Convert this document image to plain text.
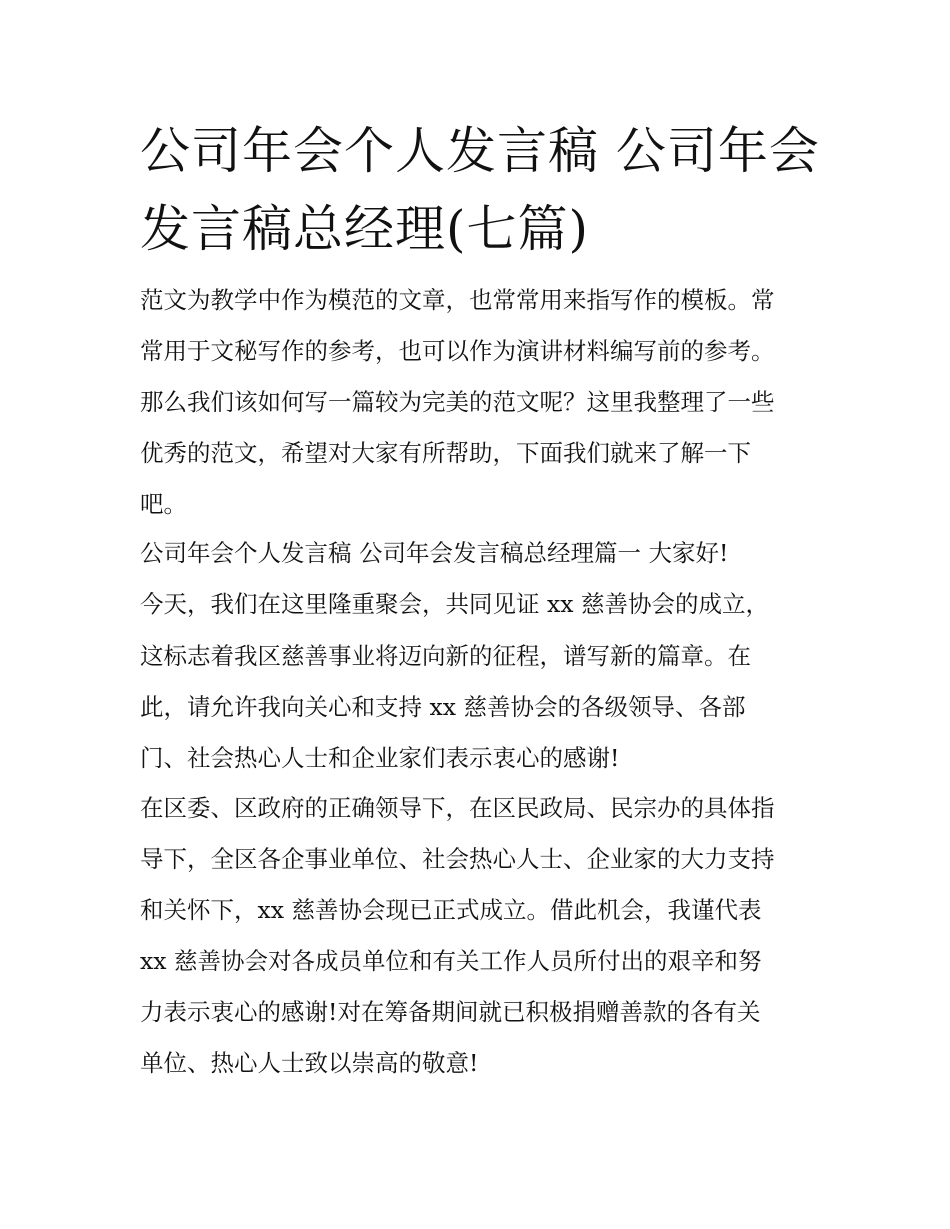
公司年会个人发言稿 公司年会
发言稿总经理(七篇)

范文为教学中作为模范的文章，也常常用来指写作的模板。常

常用于文秘写作的参考，也可以作为演讲材料编写前的参考。

那么我们该如何写一篇较为完美的范文呢？这里我整理了一些

优秀的范文，希望对大家有所帮助，下面我们就来了解一下

吧。

公司年会个人发言稿 公司年会发言稿总经理篇一 大家好!

今天，我们在这里隆重聚会，共同见证 xx 慈善协会的成立，

这标志着我区慈善事业将迈向新的征程，谱写新的篇章。在

此，请允许我向关心和支持 xx 慈善协会的各级领导、各部

门、社会热心人士和企业家们表示衷心的感谢!

在区委、区政府的正确领导下，在区民政局、民宗办的具体指

导下，全区各企事业单位、社会热心人士、企业家的大力支持

和关怀下，xx 慈善协会现已正式成立。借此机会，我谨代表

xx 慈善协会对各成员单位和有关工作人员所付出的艰辛和努

力表示衷心的感谢!对在筹备期间就已积极捐赠善款的各有关

单位、热心人士致以崇高的敬意!
